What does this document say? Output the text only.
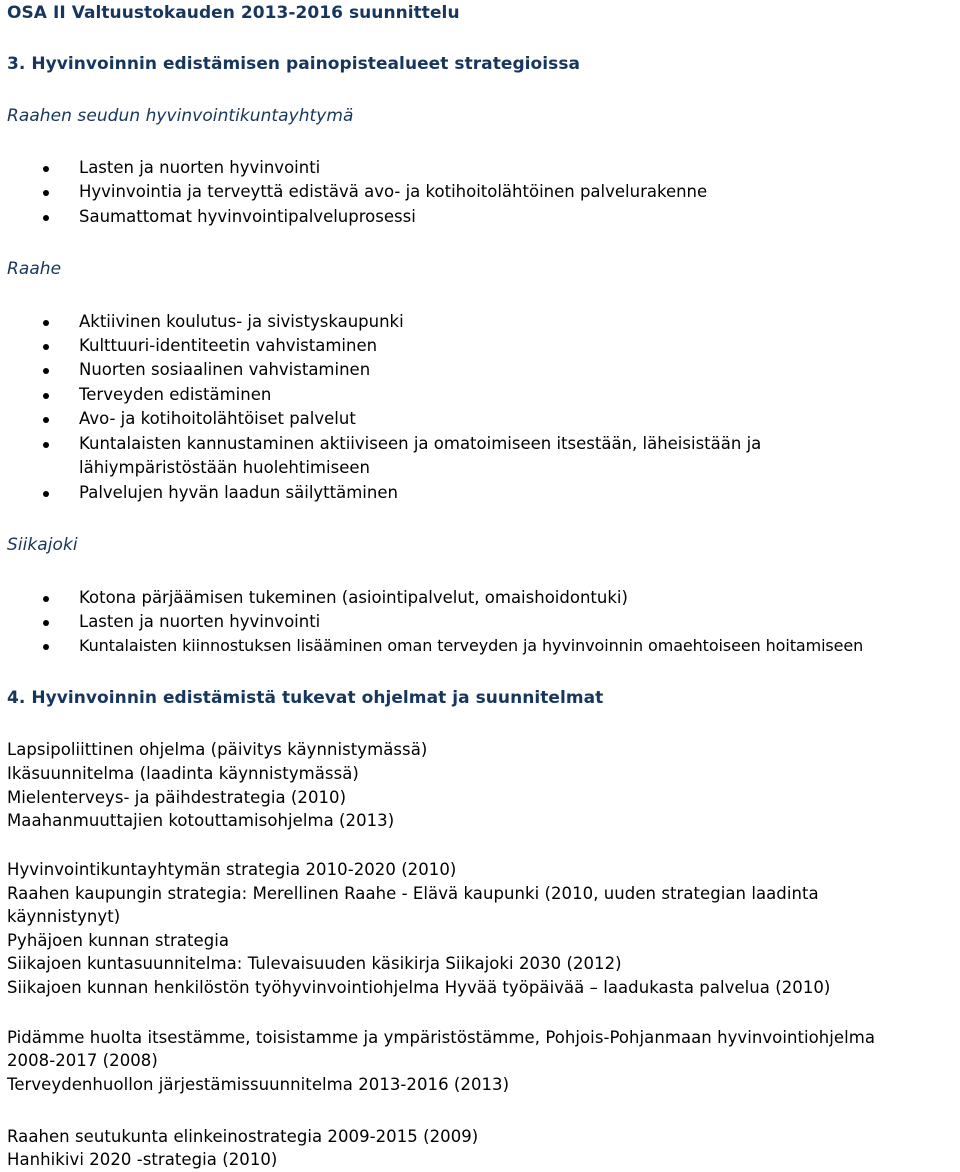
OSA II Valtuustokauden 2013-2016 suunnittelu
3. Hyvinvoinnin edistämisen painopistealueet strategioissa
Raahen seudun hyvinvointikuntayhtymä
Lasten ja nuorten hyvinvointi
Hyvinvointia ja terveyttä edistävä avo- ja kotihoitolähtöinen palvelurakenne
Saumattomat hyvinvointipalveluprosessi
Raahe
Aktiivinen koulutus- ja sivistyskaupunki
Kulttuuri-identiteetin vahvistaminen
Nuorten sosiaalinen vahvistaminen
Terveyden edistäminen
Avo- ja kotihoitolähtöiset palvelut
Kuntalaisten kannustaminen aktiiviseen ja omatoimiseen itsestään, läheisistään ja lähiympäristöstään huolehtimiseen
Palvelujen hyvän laadun säilyttäminen
Siikajoki
Kotona pärjäämisen tukeminen (asiointipalvelut, omaishoidontuki)
Lasten ja nuorten hyvinvointi
Kuntalaisten kiinnostuksen lisääminen oman terveyden ja hyvinvoinnin omaehtoiseen hoitamiseen
4. Hyvinvoinnin edistämistä tukevat ohjelmat ja suunnitelmat
Lapsipoliittinen ohjelma (päivitys käynnistymässä)
Ikäsuunnitelma (laadinta käynnistymässä)
Mielenterveys- ja päihdestrategia (2010)
Maahanmuuttajien kotouttamisohjelma (2013)
Hyvinvointikuntayhtymän strategia 2010-2020 (2010)
Raahen kaupungin strategia: Merellinen Raahe - Elävä kaupunki (2010, uuden strategian laadinta
käynnistynyt)
Pyhäjoen kunnan strategia
Siikajoen kuntasuunnitelma: Tulevaisuuden käsikirja Siikajoki 2030 (2012)
Siikajoen kunnan henkilöstön työhyvinvointiohjelma Hyvää työpäivää – laadukasta palvelua (2010)
Pidämme huolta itsestämme, toisistamme ja ympäristöstämme, Pohjois-Pohjanmaan hyvinvointiohjelma
2008-2017 (2008)
Terveydenhuollon järjestämissuunnitelma 2013-2016 (2013)
Raahen seutukunta elinkeinostrategia 2009-2015 (2009)
Hanhikivi 2020 -strategia (2010)
